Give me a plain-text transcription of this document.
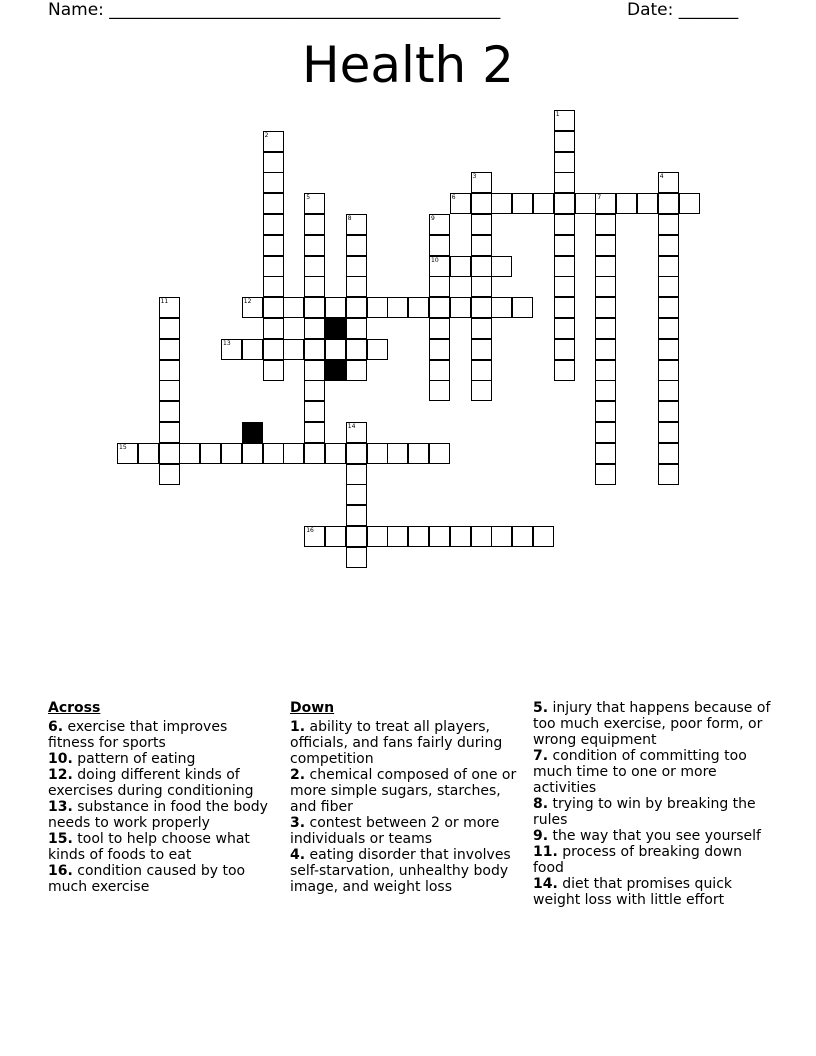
Name: ______________________________________________	Date: _______
Health 2
6	7
10
12
13
15
16
1
2
3	4
5
8	9
11
14
Across
6. exercise that improves fitness for sports
10. pattern of eating
12. doing different kinds of exercises during conditioning
13. substance in food the body needs to work properly
15. tool to help choose what kinds of foods to eat
16. condition caused by too much exercise
Down
1. ability to treat all players, officials, and fans fairly during competition
2. chemical composed of one or more simple sugars, starches, and fiber
3. contest between 2 or more individuals or teams
4. eating disorder that involves self-starvation, unhealthy body image, and weight loss
5. injury that happens because of too much exercise, poor form, or wrong equipment
7. condition of committing too much time to one or more activities
8. trying to win by breaking the rules
9. the way that you see yourself
11. process of breaking down food
14. diet that promises quick weight loss with little effort
